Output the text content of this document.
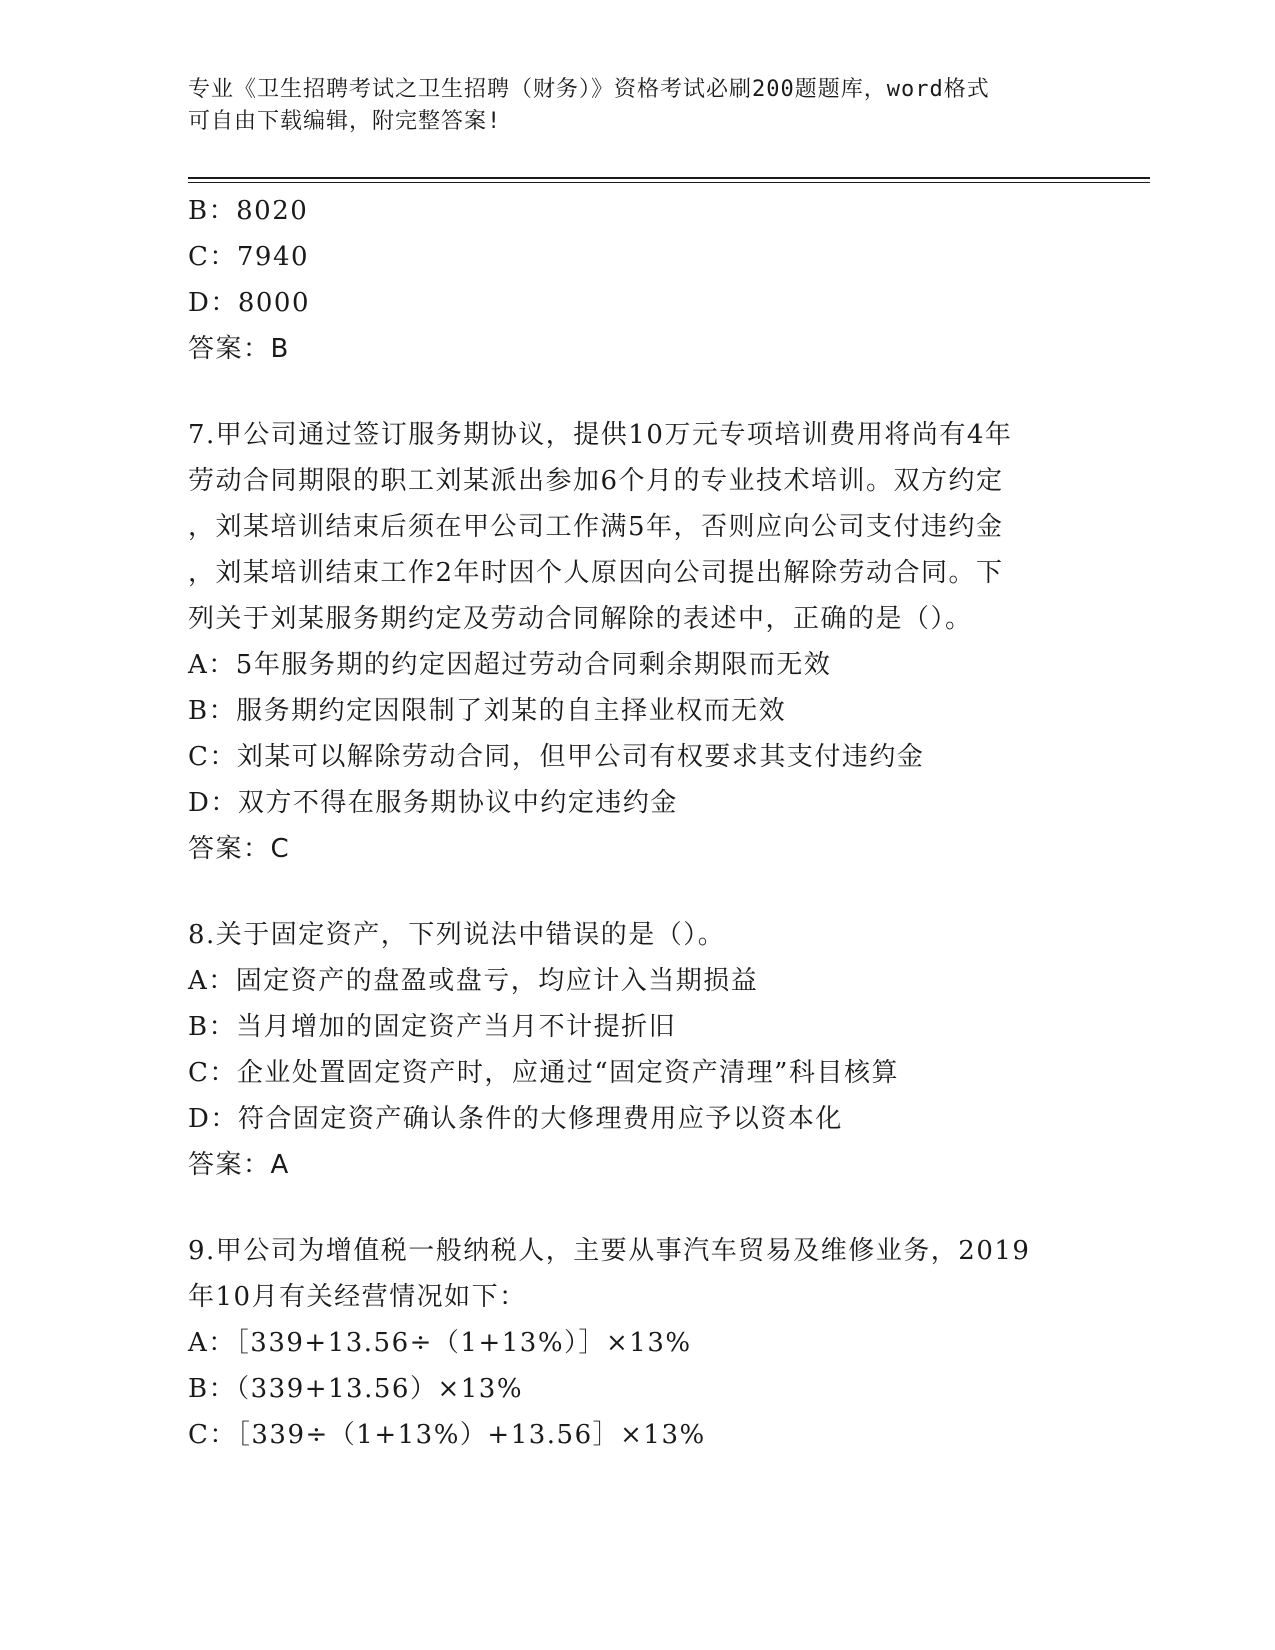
专业《卫生招聘考试之卫生招聘（财务）》资格考试必刷200题题库，word格式
可自由下载编辑，附完整答案!
B：8020
C：7940
D：8000
答案：B
7.甲公司通过签订服务期协议，提供10万元专项培训费用将尚有4年
劳动合同期限的职工刘某派出参加6个月的专业技术培训。双方约定
，刘某培训结束后须在甲公司工作满5年，否则应向公司支付违约金
，刘某培训结束工作2年时因个人原因向公司提出解除劳动合同。下
列关于刘某服务期约定及劳动合同解除的表述中，正确的是（）。
A：5年服务期的约定因超过劳动合同剩余期限而无效
B：服务期约定因限制了刘某的自主择业权而无效
C：刘某可以解除劳动合同，但甲公司有权要求其支付违约金
D：双方不得在服务期协议中约定违约金
答案：C
8.关于固定资产，下列说法中错误的是（）。
A：固定资产的盘盈或盘亏，均应计入当期损益
B：当月增加的固定资产当月不计提折旧
C：企业处置固定资产时，应通过“固定资产清理”科目核算
D：符合固定资产确认条件的大修理费用应予以资本化
答案：A
9.甲公司为增值税一般纳税人，主要从事汽车贸易及维修业务，2019
年10月有关经营情况如下：
A：［339+13.56÷（1+13%）］×13%
B：（339+13.56）×13%
C：［339÷（1+13%）+13.56］×13%
